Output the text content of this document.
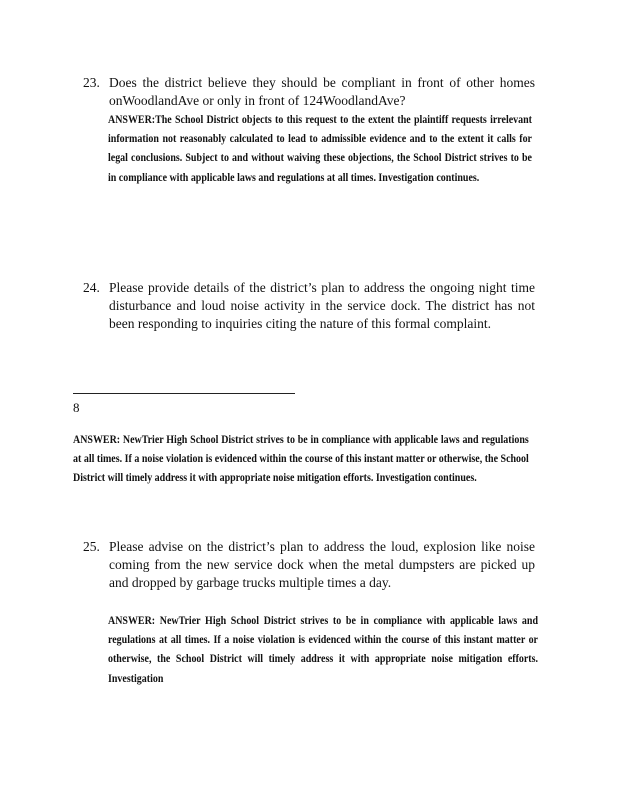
23. Does the district believe they should be compliant in front of other homes onWoodlandAve or only in front of 124WoodlandAve?
ANSWER:The School District objects to this request to the extent the plaintiff requests irrelevant information not reasonably calculated to lead to admissible evidence and to the extent it calls for legal conclusions. Subject to and without waiving these objections, the School District strives to be in compliance with applicable laws and regulations at all times. Investigation continues.
24. Please provide details of the district’s plan to address the ongoing night time disturbance and loud noise activity in the service dock. The district has not been responding to inquiries citing the nature of this formal complaint.
8
ANSWER: NewTrier High School District strives to be in compliance with applicable laws and regulations at all times. If a noise violation is evidenced within the course of this instant matter or otherwise, the School District will timely address it with appropriate noise mitigation efforts. Investigation continues.
25. Please advise on the district’s plan to address the loud, explosion like noise coming from the new service dock when the metal dumpsters are picked up and dropped by garbage trucks multiple times a day.
ANSWER: NewTrier High School District strives to be in compliance with applicable laws and regulations at all times. If a noise violation is evidenced within the course of this instant matter or otherwise, the School District will timely address it with appropriate noise mitigation efforts. Investigation
